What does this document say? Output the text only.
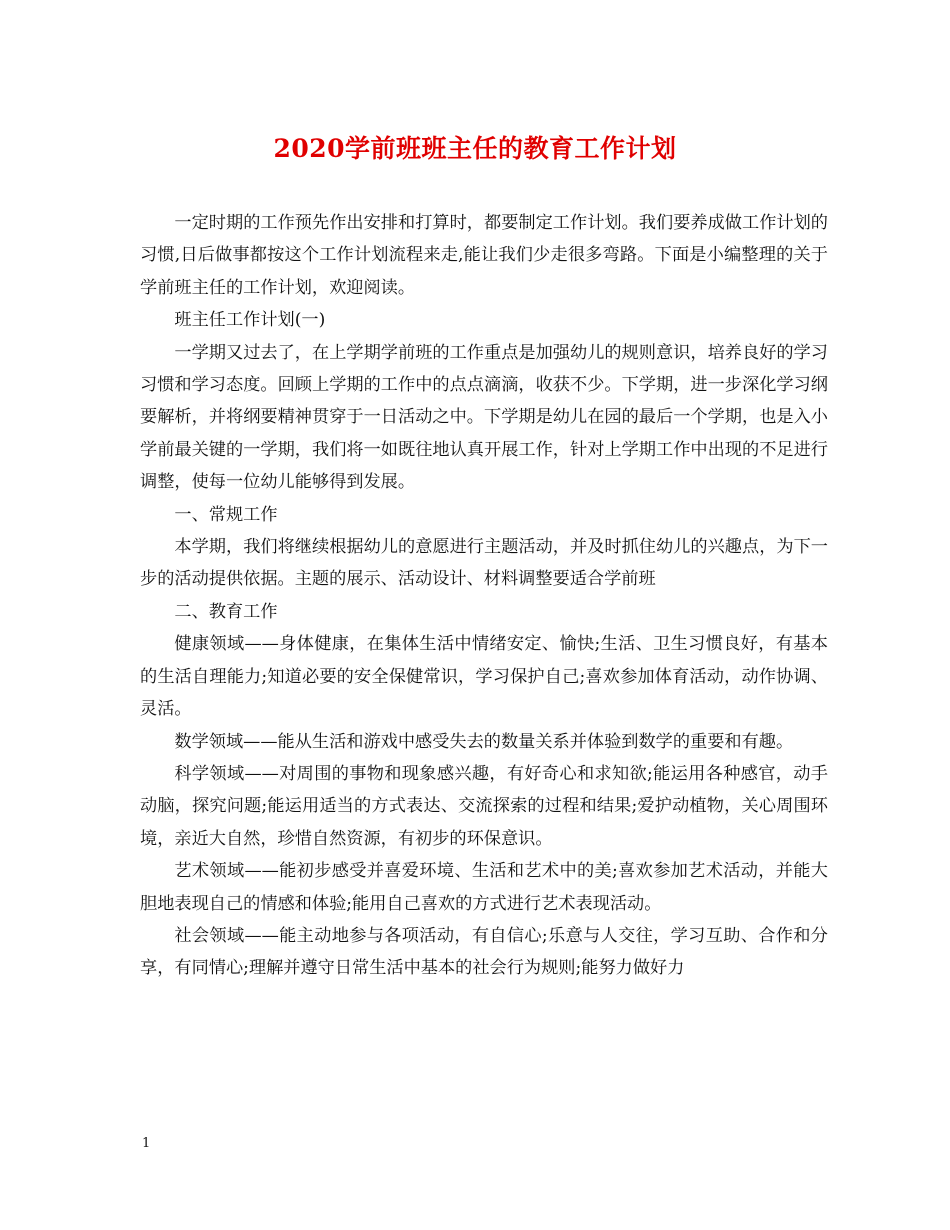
2020学前班班主任的教育工作计划

一定时期的工作预先作出安排和打算时，都要制定工作计划。我们要养成做工作计划的习惯,日后做事都按这个工作计划流程来走,能让我们少走很多弯路。下面是小编整理的关于学前班主任的工作计划，欢迎阅读。

班主任工作计划(一)

一学期又过去了，在上学期学前班的工作重点是加强幼儿的规则意识，培养良好的学习习惯和学习态度。回顾上学期的工作中的点点滴滴，收获不少。下学期，进一步深化学习纲要解析，并将纲要精神贯穿于一日活动之中。下学期是幼儿在园的最后一个学期，也是入小学前最关键的一学期，我们将一如既往地认真开展工作，针对上学期工作中出现的不足进行调整，使每一位幼儿能够得到发展。

一、常规工作

本学期，我们将继续根据幼儿的意愿进行主题活动，并及时抓住幼儿的兴趣点，为下一步的活动提供依据。主题的展示、活动设计、材料调整要适合学前班

二、教育工作

健康领域——身体健康，在集体生活中情绪安定、愉快;生活、卫生习惯良好，有基本的生活自理能力;知道必要的安全保健常识，学习保护自己;喜欢参加体育活动，动作协调、灵活。

数学领域——能从生活和游戏中感受失去的数量关系并体验到数学的重要和有趣。

科学领域——对周围的事物和现象感兴趣，有好奇心和求知欲;能运用各种感官，动手动脑，探究问题;能运用适当的方式表达、交流探索的过程和结果;爱护动植物，关心周围环境，亲近大自然，珍惜自然资源，有初步的环保意识。

艺术领域——能初步感受并喜爱环境、生活和艺术中的美;喜欢参加艺术活动，并能大胆地表现自己的情感和体验;能用自己喜欢的方式进行艺术表现活动。

社会领域——能主动地参与各项活动，有自信心;乐意与人交往，学习互助、合作和分享，有同情心;理解并遵守日常生活中基本的社会行为规则;能努力做好力

1
